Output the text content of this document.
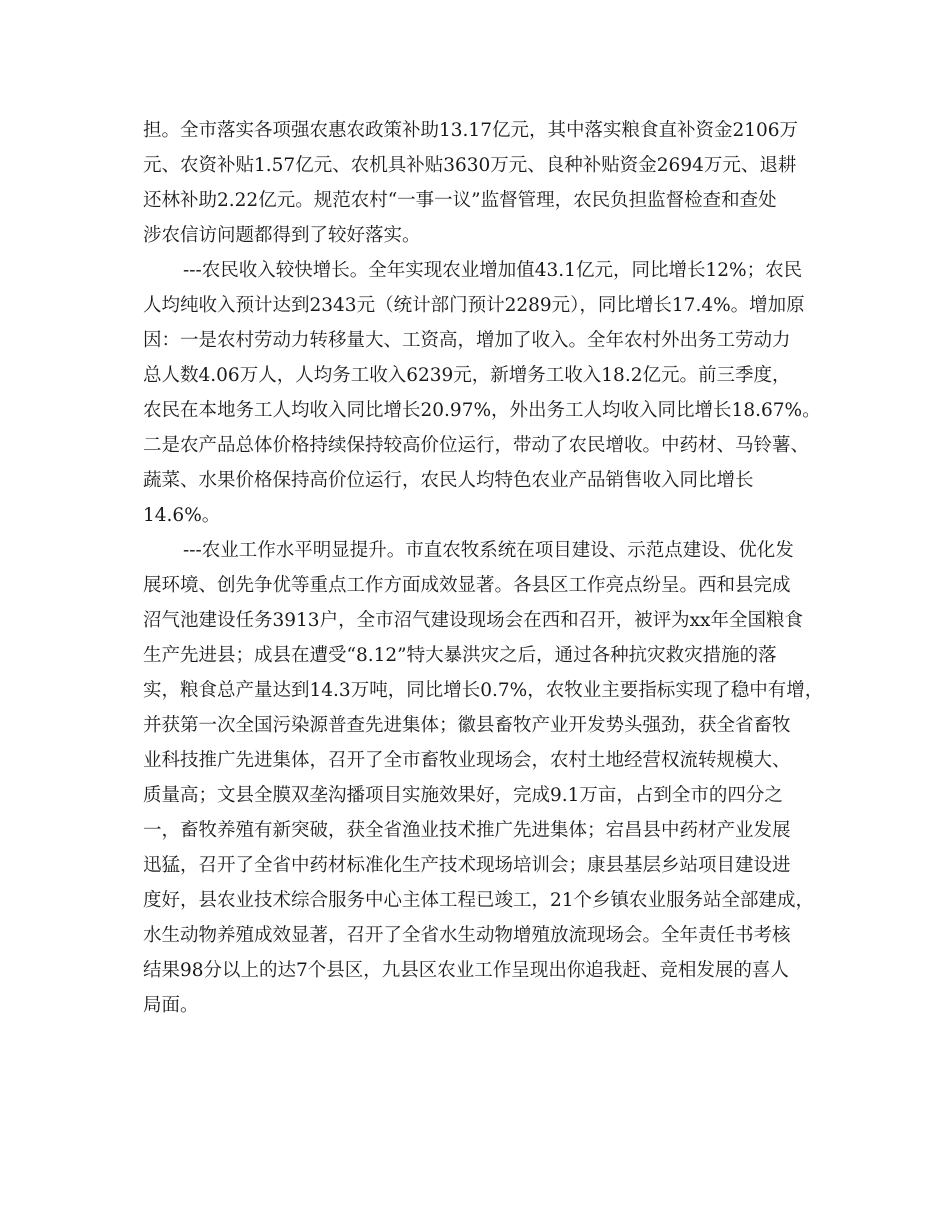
担。全市落实各项强农惠农政策补助13.17亿元，其中落实粮食直补资金2106万
元、农资补贴1.57亿元、农机具补贴3630万元、良种补贴资金2694万元、退耕
还林补助2.22亿元。规范农村“一事一议”监督管理，农民负担监督检查和查处
涉农信访问题都得到了较好落实。
---农民收入较快增长。全年实现农业增加值43.1亿元，同比增长12%；农民
人均纯收入预计达到2343元（统计部门预计2289元），同比增长17.4%。增加原
因：一是农村劳动力转移量大、工资高，增加了收入。全年农村外出务工劳动力
总人数4.06万人，人均务工收入6239元，新增务工收入18.2亿元。前三季度，
农民在本地务工人均收入同比增长20.97%，外出务工人均收入同比增长18.67%。
二是农产品总体价格持续保持较高价位运行，带动了农民增收。中药材、马铃薯、
蔬菜、水果价格保持高价位运行，农民人均特色农业产品销售收入同比增长
14.6%。
---农业工作水平明显提升。市直农牧系统在项目建设、示范点建设、优化发
展环境、创先争优等重点工作方面成效显著。各县区工作亮点纷呈。西和县完成
沼气池建设任务3913户，全市沼气建设现场会在西和召开，被评为xx年全国粮食
生产先进县；成县在遭受“8.12”特大暴洪灾之后，通过各种抗灾救灾措施的落
实，粮食总产量达到14.3万吨，同比增长0.7%，农牧业主要指标实现了稳中有增，
并获第一次全国污染源普查先进集体；徽县畜牧产业开发势头强劲，获全省畜牧
业科技推广先进集体，召开了全市畜牧业现场会，农村土地经营权流转规模大、
质量高；文县全膜双垄沟播项目实施效果好，完成9.1万亩，占到全市的四分之
一，畜牧养殖有新突破，获全省渔业技术推广先进集体；宕昌县中药材产业发展
迅猛，召开了全省中药材标准化生产技术现场培训会；康县基层乡站项目建设进
度好，县农业技术综合服务中心主体工程已竣工，21个乡镇农业服务站全部建成，
水生动物养殖成效显著，召开了全省水生动物增殖放流现场会。全年责任书考核
结果98分以上的达7个县区，九县区农业工作呈现出你追我赶、竞相发展的喜人
局面。
